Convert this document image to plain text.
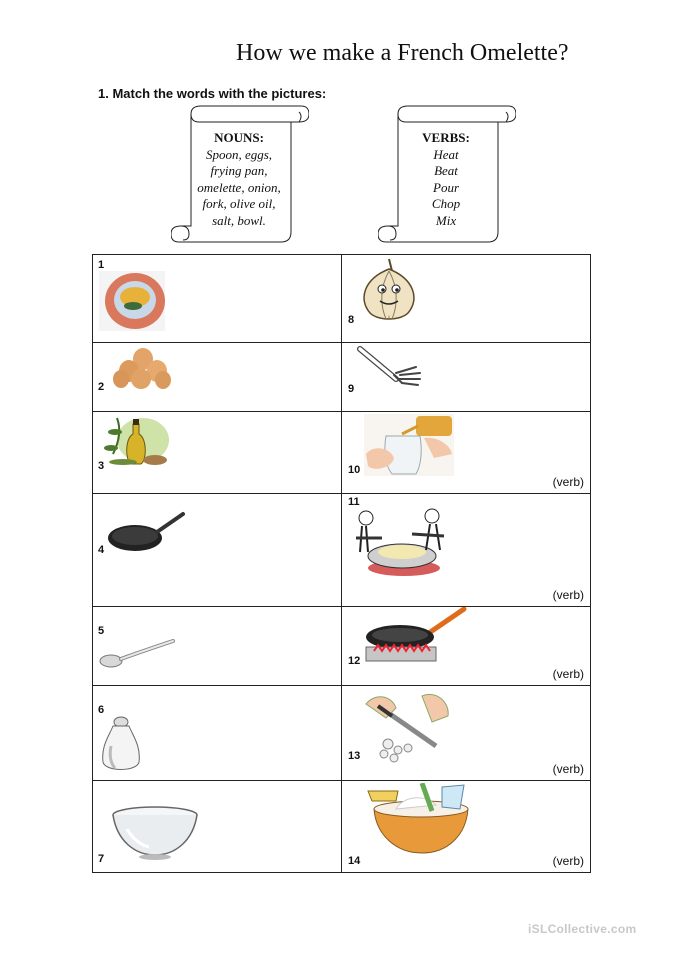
How we make a French Omelette?
1. Match the words with the pictures:
NOUNS:
Spoon, eggs,
frying pan,
omelette, onion,
fork, olive oil,
salt, bowl.
VERBS:
Heat
Beat
Pour
Chop
Mix
1	8

2	9

3	10
(verb)

4	11
(verb)

5	12
(verb)

6	13
(verb)

7	14 (verb)
iSLCollective.com
